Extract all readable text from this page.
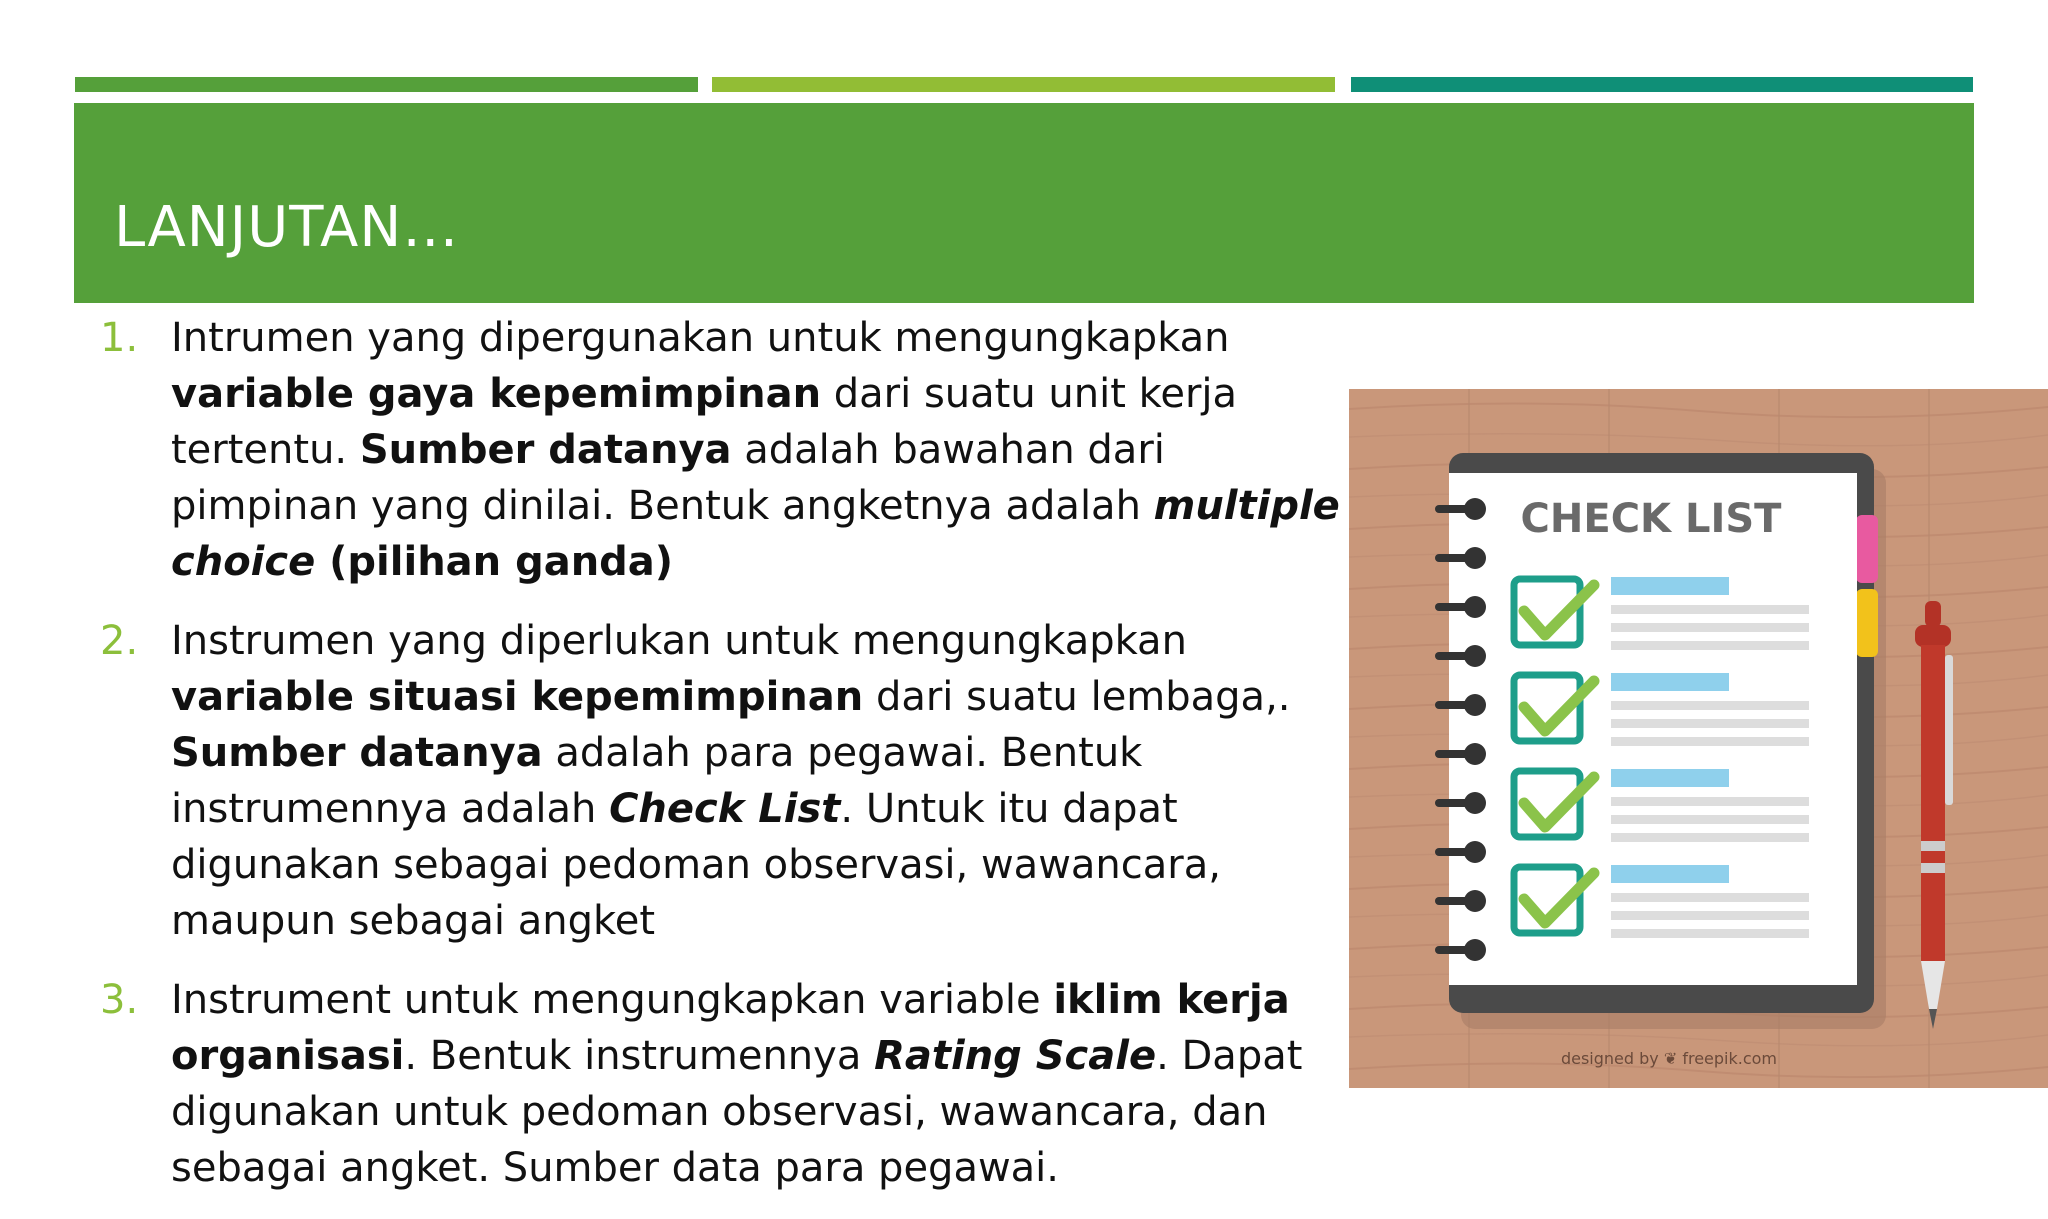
LANJUTAN…
1. Intrumen yang dipergunakan untuk mengungkapkan variable gaya kepemimpinan dari suatu unit kerja tertentu. Sumber datanya adalah bawahan dari pimpinan yang dinilai. Bentuk angketnya adalah multiple choice (pilihan ganda)
2. Instrumen yang diperlukan untuk mengungkapkan variable situasi kepemimpinan dari suatu lembaga,. Sumber datanya adalah para pegawai. Bentuk instrumennya adalah Check List. Untuk itu dapat digunakan sebagai pedoman observasi, wawancara, maupun sebagai angket
3. Instrument untuk mengungkapkan variable iklim kerja organisasi. Bentuk instrumennya Rating Scale. Dapat digunakan untuk pedoman observasi, wawancara, dan sebagai angket. Sumber data para pegawai.
CHECK LIST
designed by ❦ freepik.com
